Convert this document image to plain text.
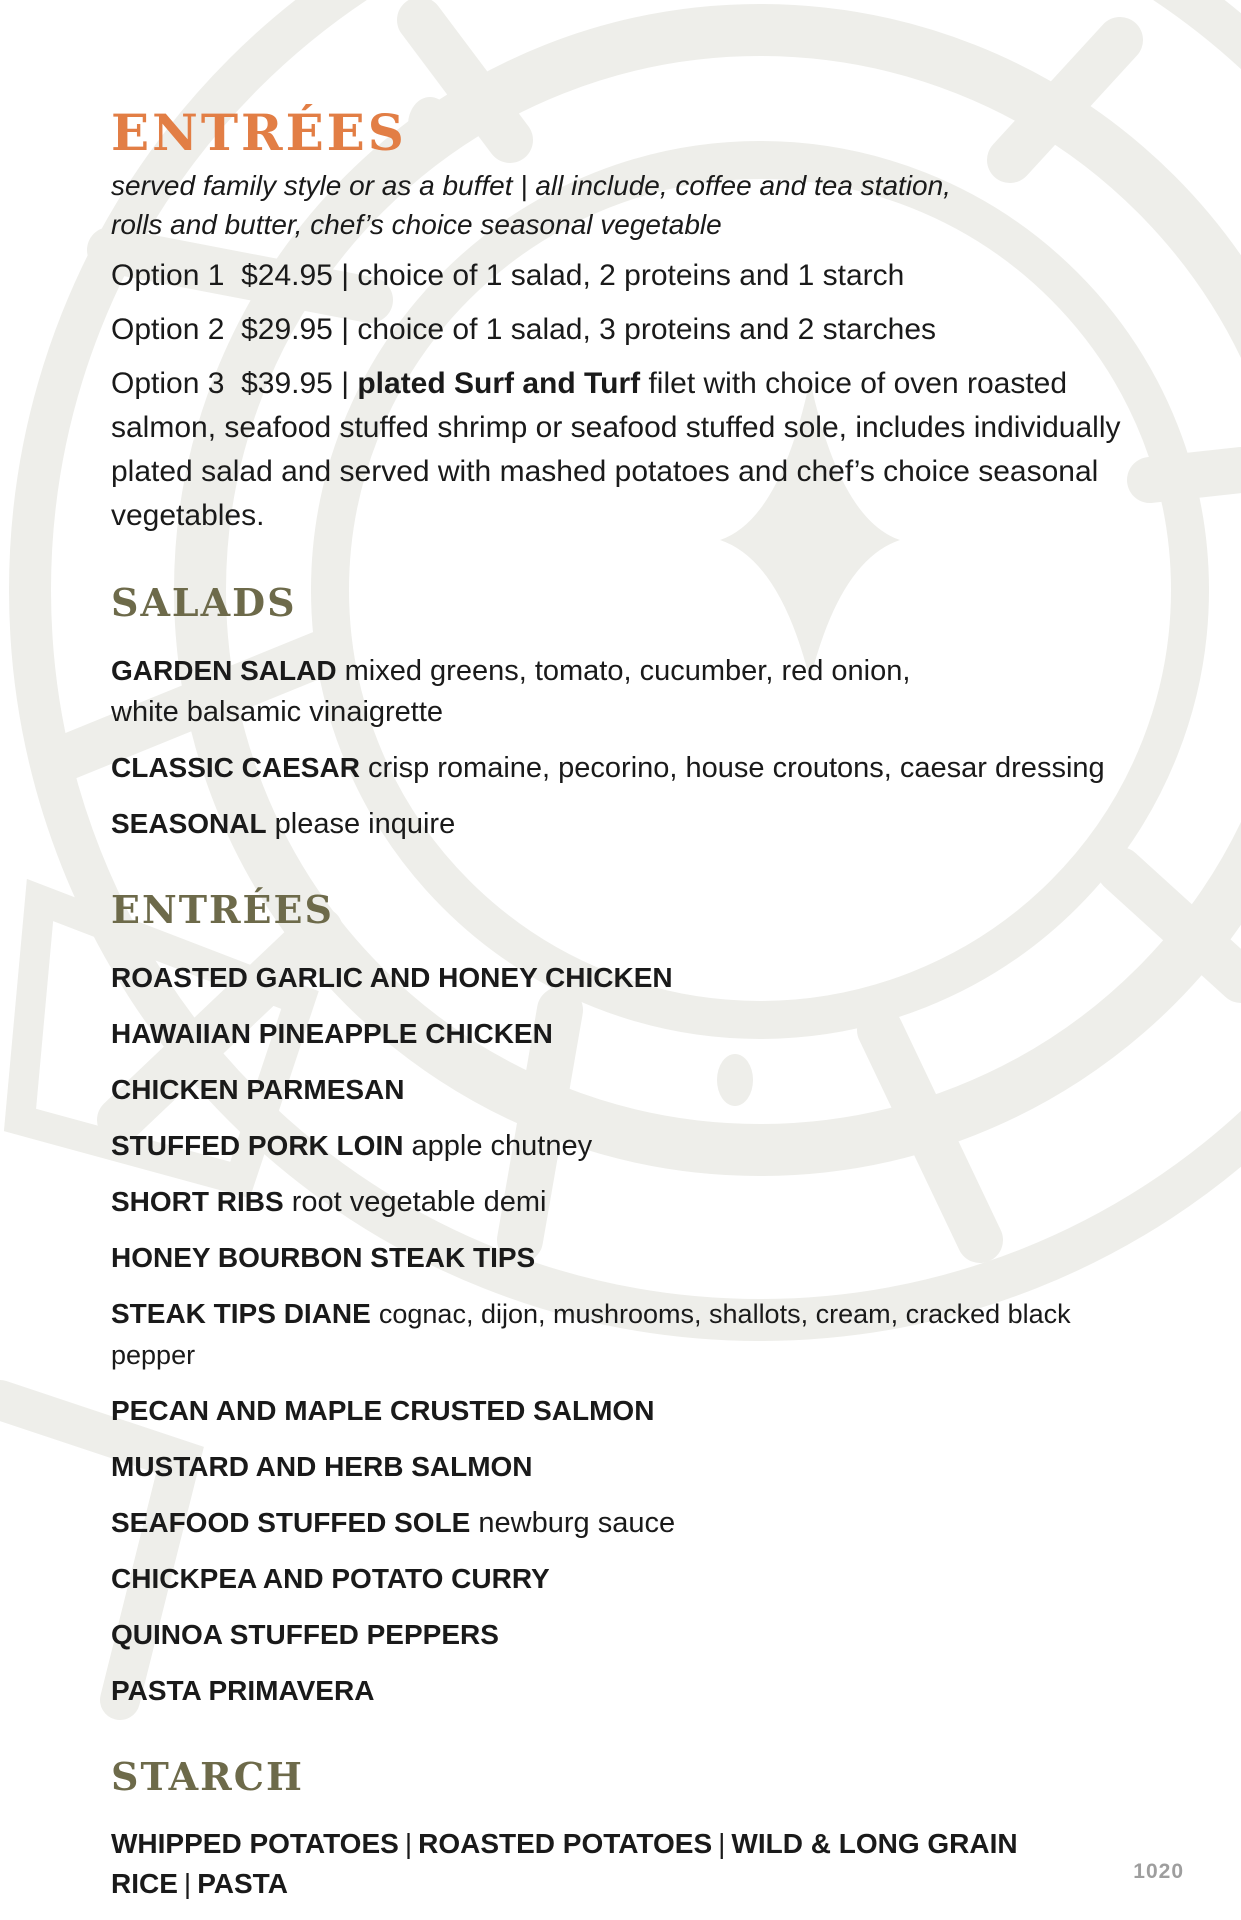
ENTRÉES

served family style or as a buffet | all include, coffee and tea station,
rolls and butter, chef’s choice seasonal vegetable

Option 1 $24.95 | choice of 1 salad, 2 proteins and 1 starch

Option 2 $29.95 | choice of 1 salad, 3 proteins and 2 starches

Option 3 $39.95 | plated Surf and Turf filet with choice of oven roasted salmon, seafood stuffed shrimp or seafood stuffed sole, includes individually plated salad and served with mashed potatoes and chef’s choice seasonal vegetables.

SALADS
GARDEN SALAD mixed greens, tomato, cucumber, red onion,
white balsamic vinaigrette
CLASSIC CAESAR crisp romaine, pecorino, house croutons, caesar dressing
SEASONAL please inquire
ENTRÉES
ROASTED GARLIC AND HONEY CHICKEN
HAWAIIAN PINEAPPLE CHICKEN
CHICKEN PARMESAN
STUFFED PORK LOIN apple chutney
SHORT RIBS root vegetable demi
HONEY BOURBON STEAK TIPS
STEAK TIPS DIANE cognac, dijon, mushrooms, shallots, cream, cracked black pepper
PECAN AND MAPLE CRUSTED SALMON
MUSTARD AND HERB SALMON
SEAFOOD STUFFED SOLE newburg sauce
CHICKPEA AND POTATO CURRY
QUINOA STUFFED PEPPERS
PASTA PRIMAVERA
STARCH
WHIPPED POTATOES | ROASTED POTATOES | WILD & LONG GRAIN RICE | PASTA	1020
